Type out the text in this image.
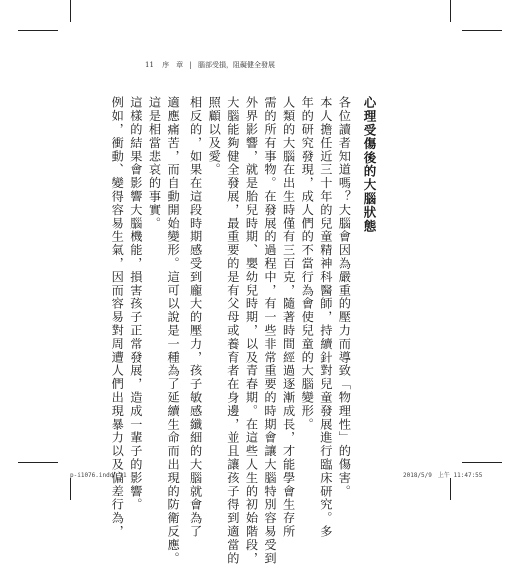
11 序　章 | 腦部受損，阻礙健全發展
心理受傷後的大腦狀態
各位讀者知道嗎？大腦會因為嚴重的壓力而導致「物理性」的傷害。
本人擔任近三十年的兒童精神科醫師，持續針對兒童發展進行臨床研究。多
年的研究發現，成人們的不當行為會使兒童的大腦變形。
人類的大腦在出生時僅有三百克，隨著時間經過逐漸成長，才能學會生存所
需的所有事物。在發展的過程中，有一些非常重要的時期會讓大腦特別容易受到
外界影響，就是胎兒時期、嬰幼兒時期，以及青春期。在這些人生的初始階段，
大腦能夠健全發展，最重要的是有父母或養育者在身邊，並且讓孩子得到適當的
照顧以及愛。
相反的，如果在這段時期感受到龐大的壓力，孩子敏感纖細的大腦就會為了
適應痛苦，而自動開始變形。這可以說是一種為了延續生命而出現的防衛反應。
這是相當悲哀的事實。
這樣的結果會影響大腦機能，損害孩子正常發展，造成一輩子的影響。
例如，衝動、變得容易生氣，因而容易對周遭人們出現暴力以及偏差行為，
p-i1076.indd　11	2018/5/9　上午 11:47:55
